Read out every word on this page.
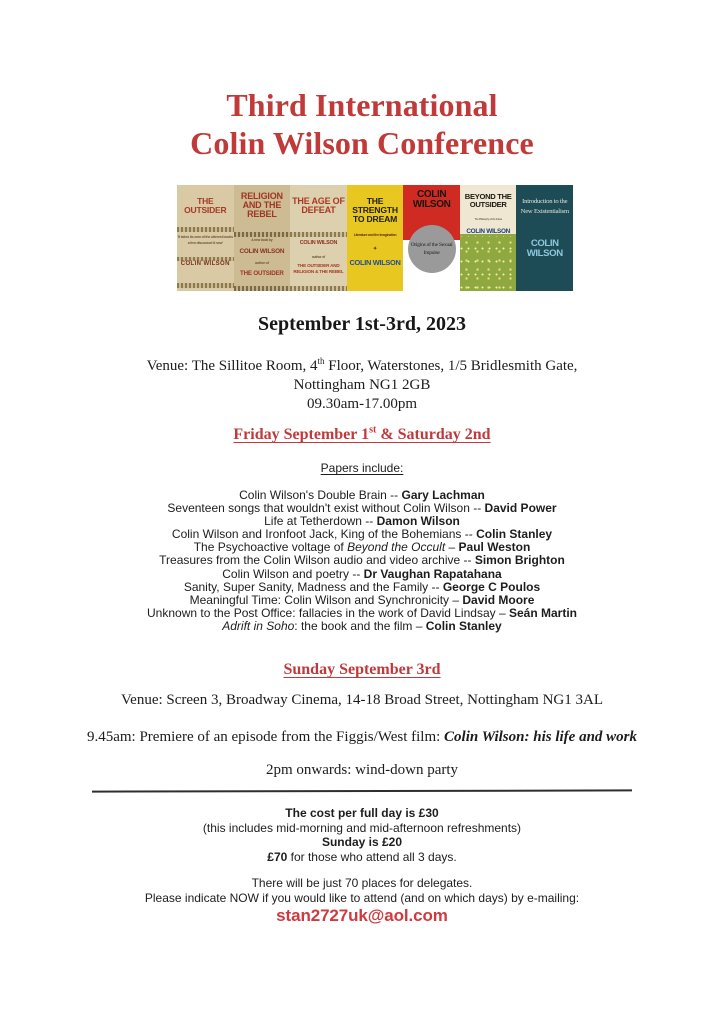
Third International
Colin Wilson Conference
THE OUTSIDER
'It takes its own of the utterest books a few discussed it now'
COLIN WILSON
RELIGION AND THE REBEL
A new book by
COLIN WILSON
author of
THE OUTSIDER
THE AGE OF DEFEAT
COLIN WILSON
author of
THE OUTSIDER AND RELIGION & THE REBEL
THE STRENGTH TO DREAM
Literature and the Imagination
✦
COLIN WILSON
COLIN WILSON
Origins of the Sexual Impulse
BEYOND THE OUTSIDER
The Philosophy of the Future
COLIN WILSON
Introduction to the New Existentialism
COLIN WILSON
September 1st-3rd, 2023
Venue: The Sillitoe Room, 4th Floor, Waterstones, 1/5 Bridlesmith Gate,
Nottingham NG1 2GB
09.30am-17.00pm
Friday September 1st & Saturday 2nd
Papers include:
Colin Wilson's Double Brain -- Gary Lachman
Seventeen songs that wouldn't exist without Colin Wilson -- David Power
Life at Tetherdown -- Damon Wilson
Colin Wilson and Ironfoot Jack, King of the Bohemians -- Colin Stanley
The Psychoactive voltage of Beyond the Occult – Paul Weston
Treasures from the Colin Wilson audio and video archive -- Simon Brighton
Colin Wilson and poetry -- Dr Vaughan Rapatahana
Sanity, Super Sanity, Madness and the Family -- George C Poulos
Meaningful Time: Colin Wilson and Synchronicity – David Moore
Unknown to the Post Office: fallacies in the work of David Lindsay – Seán Martin
Adrift in Soho: the book and the film – Colin Stanley
Sunday September 3rd
Venue: Screen 3, Broadway Cinema, 14-18 Broad Street, Nottingham NG1 3AL
9.45am: Premiere of an episode from the Figgis/West film: Colin Wilson: his life and work
2pm onwards: wind-down party
The cost per full day is £30
(this includes mid-morning and mid-afternoon refreshments)
Sunday is £20
£70 for those who attend all 3 days.
There will be just 70 places for delegates.
Please indicate NOW if you would like to attend (and on which days) by e-mailing:
stan2727uk@aol.com
